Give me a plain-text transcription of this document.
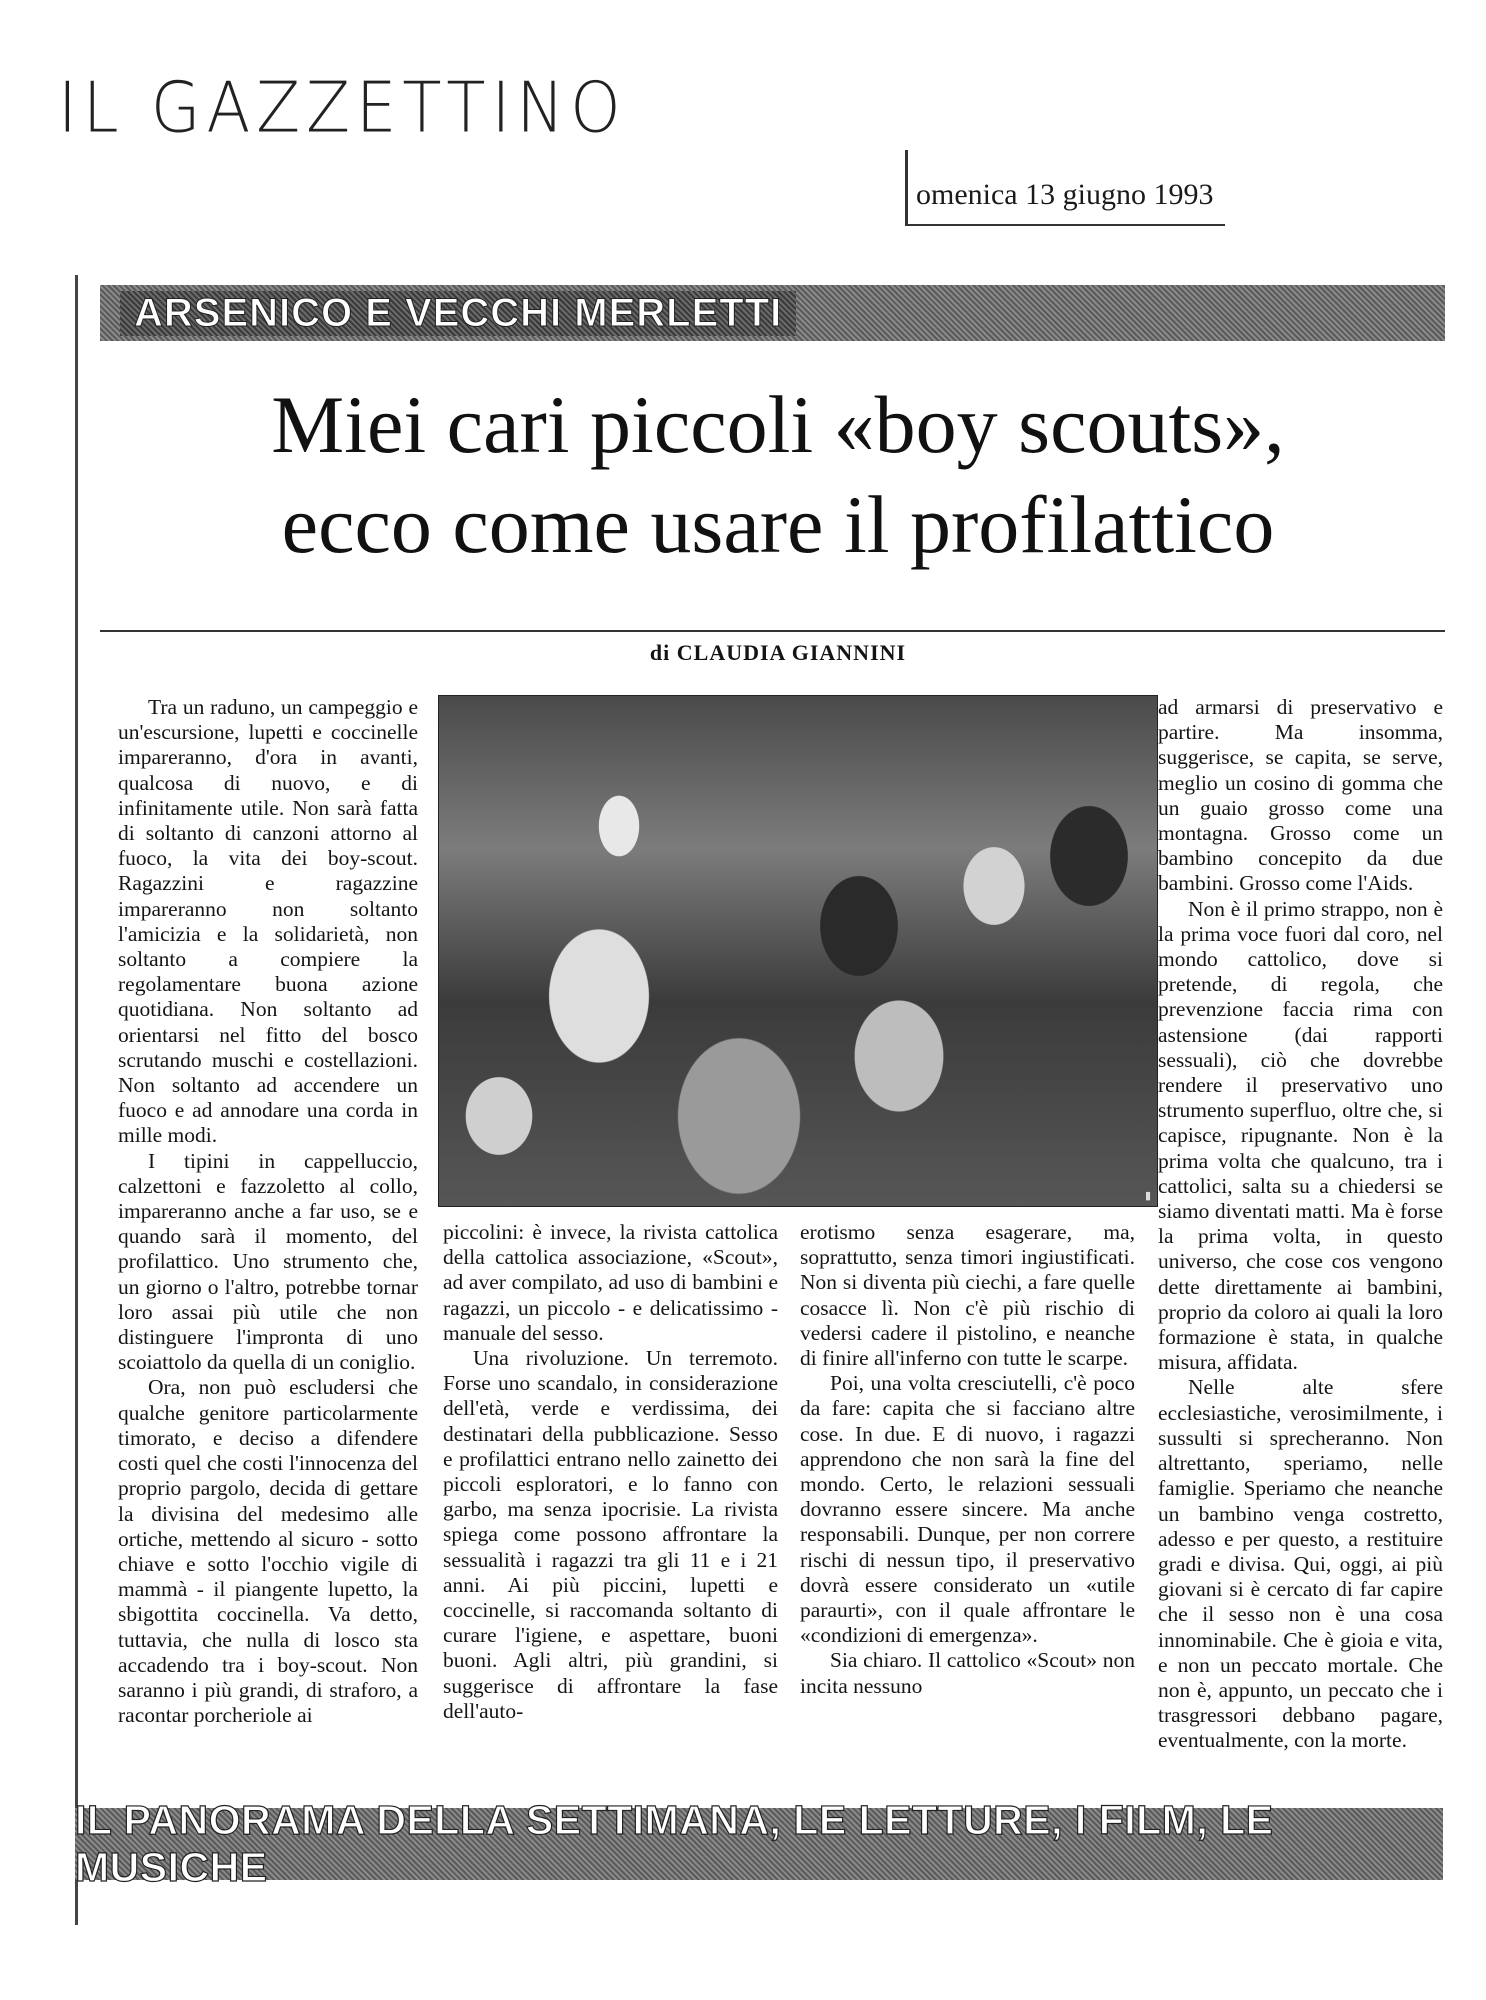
IL GAZZETTINO
omenica 13 giugno 1993
ARSENICO E VECCHI MERLETTI
Miei cari piccoli «boy scouts»,
ecco come usare il profilattico
di CLAUDIA GIANNINI

Tra un raduno, un campeggio e un'escursione, lupetti e coccinelle impareranno, d'ora in avanti, qualcosa di nuovo, e di infinitamente utile. Non sarà fatta di soltanto di canzoni attorno al fuoco, la vita dei boy-scout. Ragazzini e ragazzine impareranno non soltanto l'amicizia e la solidarietà, non soltanto a compiere la regolamentare buona azione quotidiana. Non soltanto ad orientarsi nel fitto del bosco scrutando muschi e costellazioni. Non soltanto ad accendere un fuoco e ad annodare una corda in mille modi.

I tipini in cappelluccio, calzettoni e fazzoletto al collo, impareranno anche a far uso, se e quando sarà il momento, del profilattico. Uno strumento che, un giorno o l'altro, potrebbe tornar loro assai più utile che non distinguere l'impronta di uno scoiattolo da quella di un coniglio.

Ora, non può escludersi che qualche genitore particolarmente timorato, e deciso a difendere costi quel che costi l'innocenza del proprio pargolo, decida di gettare la divisina del medesimo alle ortiche, mettendo al sicuro - sotto chiave e sotto l'occhio vigile di mammà - il piangente lupetto, la sbigottita coccinella. Va detto, tuttavia, che nulla di losco sta accadendo tra i boy-scout. Non saranno i più grandi, di straforo, a racontar porcheriole ai

▮

piccolini: è invece, la rivista cattolica della cattolica associazione, «Scout», ad aver compilato, ad uso di bambini e ragazzi, un piccolo - e delicatissimo - manuale del sesso.

Una rivoluzione. Un terremoto. Forse uno scandalo, in considerazione dell'età, verde e verdissima, dei destinatari della pubblicazione. Sesso e profilattici entrano nello zainetto dei piccoli esploratori, e lo fanno con garbo, ma senza ipocrisie. La rivista spiega come possono affrontare la sessualità i ragazzi tra gli 11 e i 21 anni. Ai più piccini, lupetti e coccinelle, si raccomanda soltanto di curare l'igiene, e aspettare, buoni buoni. Agli altri, più grandini, si suggerisce di affrontare la fase dell'auto-

erotismo senza esagerare, ma, soprattutto, senza timori ingiustificati. Non si diventa più ciechi, a fare quelle cosacce lì. Non c'è più rischio di vedersi cadere il pistolino, e neanche di finire all'inferno con tutte le scarpe.

Poi, una volta cresciutelli, c'è poco da fare: capita che si facciano altre cose. In due. E di nuovo, i ragazzi apprendono che non sarà la fine del mondo. Certo, le relazioni sessuali dovranno essere sincere. Ma anche responsabili. Dunque, per non correre rischi di nessun tipo, il preservativo dovrà essere considerato un «utile paraurti», con il quale affrontare le «condizioni di emergenza».

Sia chiaro. Il cattolico «Scout» non incita nessuno

ad armarsi di preservativo e partire. Ma insomma, suggerisce, se capita, se serve, meglio un cosino di gomma che un guaio grosso come una montagna. Grosso come un bambino concepito da due bambini. Grosso come l'Aids.

Non è il primo strappo, non è la prima voce fuori dal coro, nel mondo cattolico, dove si pretende, di regola, che prevenzione faccia rima con astensione (dai rapporti sessuali), ciò che dovrebbe rendere il preservativo uno strumento superfluo, oltre che, si capisce, ripugnante. Non è la prima volta che qualcuno, tra i cattolici, salta su a chiedersi se siamo diventati matti. Ma è forse la prima volta, in questo universo, che cose cos vengono dette direttamente ai bambini, proprio da coloro ai quali la loro formazione è stata, in qualche misura, affidata.

Nelle alte sfere ecclesiastiche, verosimilmente, i sussulti si sprecheranno. Non altrettanto, speriamo, nelle famiglie. Speriamo che neanche un bambino venga costretto, adesso e per questo, a restituire gradi e divisa. Qui, oggi, ai più giovani si è cercato di far capire che il sesso non è una cosa innominabile. Che è gioia e vita, e non un peccato mortale. Che non è, appunto, un peccato che i trasgressori debbano pagare, eventualmente, con la morte.

IL PANORAMA DELLA SETTIMANA, LE LETTURE, I FILM, LE MUSICHE
